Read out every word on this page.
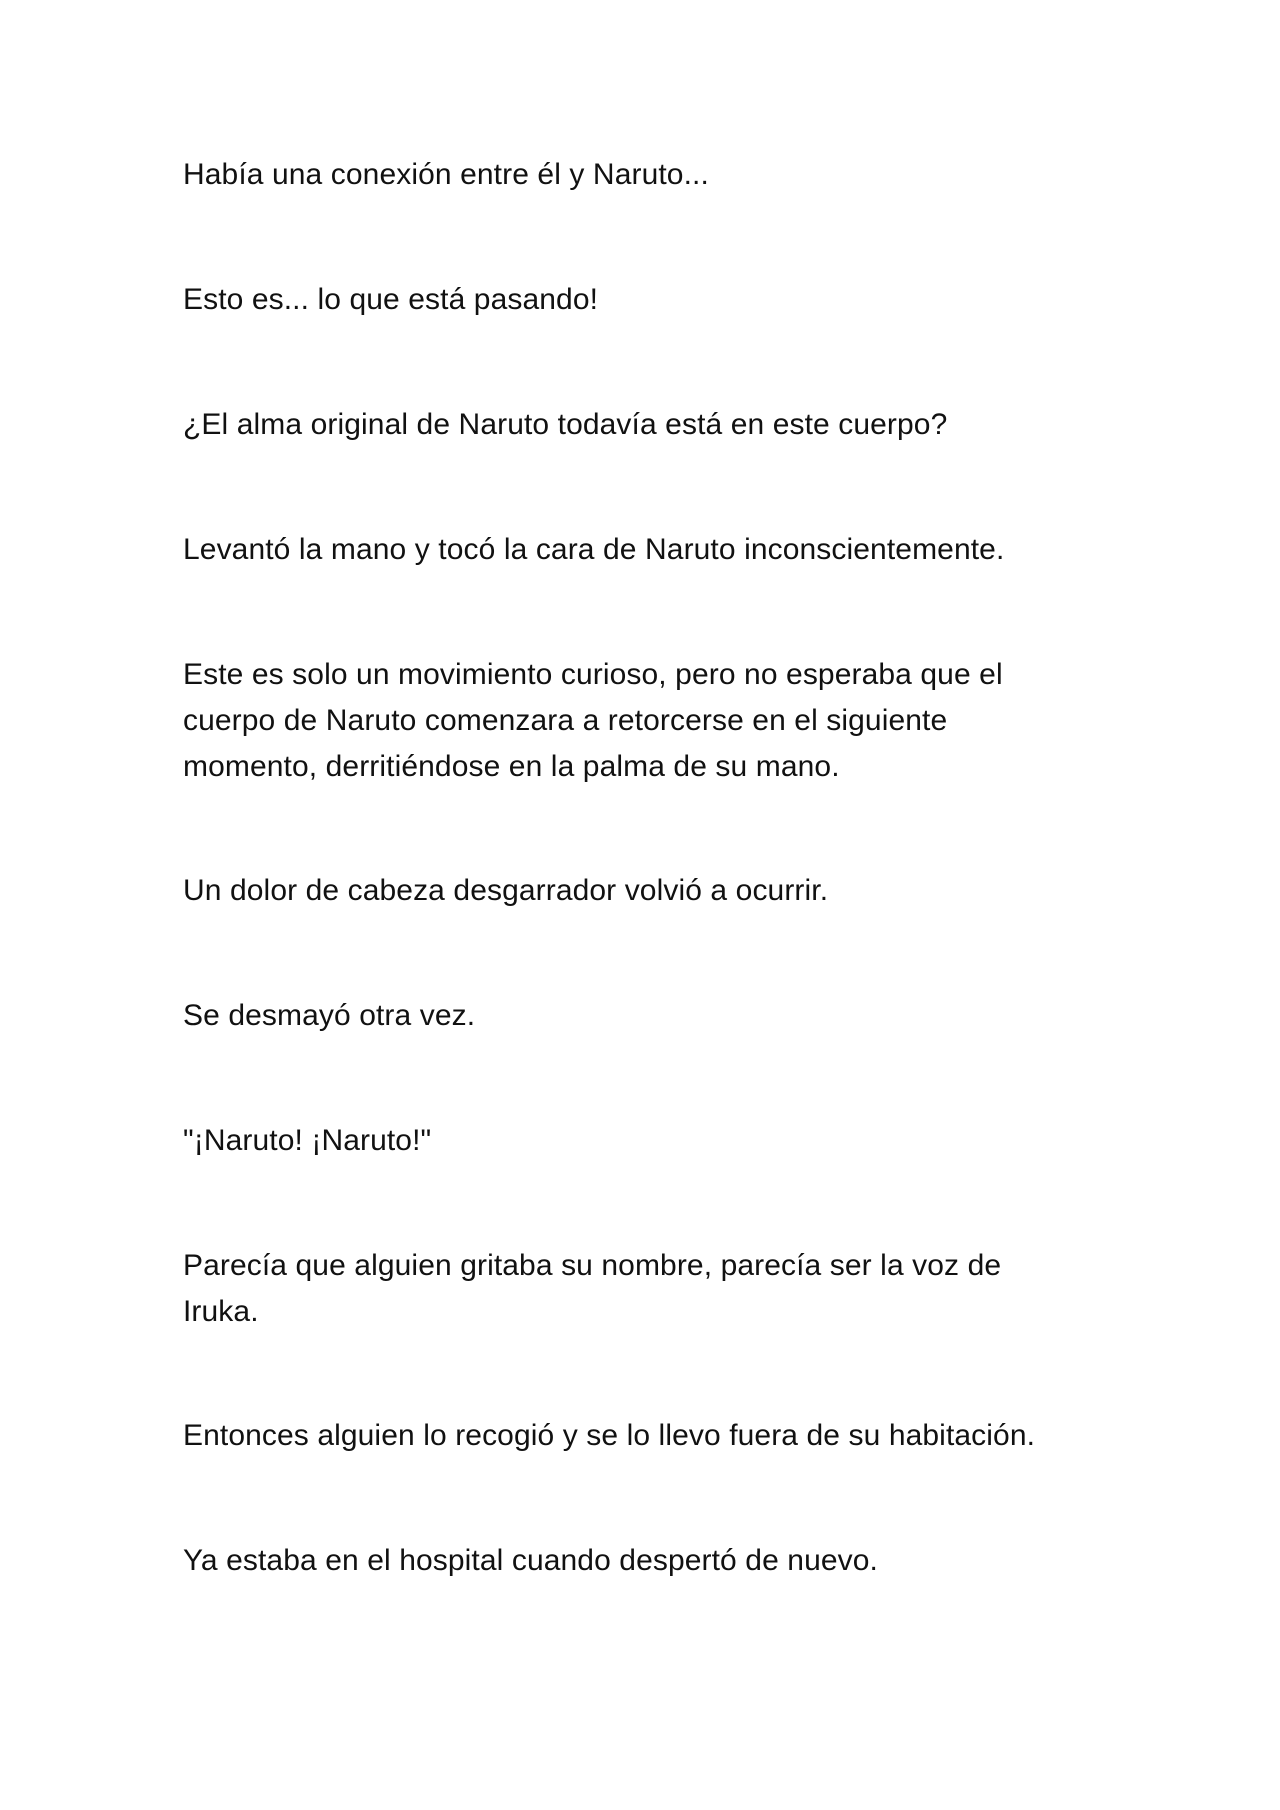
Había una conexión entre él y Naruto...

Esto es... lo que está pasando!

¿El alma original de Naruto todavía está en este cuerpo?

Levantó la mano y tocó la cara de Naruto inconscientemente.

Este es solo un movimiento curioso, pero no esperaba que el cuerpo de Naruto comenzara a retorcerse en el siguiente momento, derritiéndose en la palma de su mano.

Un dolor de cabeza desgarrador volvió a ocurrir.

Se desmayó otra vez.

"¡Naruto! ¡Naruto!"

Parecía que alguien gritaba su nombre, parecía ser la voz de Iruka.

Entonces alguien lo recogió y se lo llevo fuera de su habitación.

Ya estaba en el hospital cuando despertó de nuevo.
